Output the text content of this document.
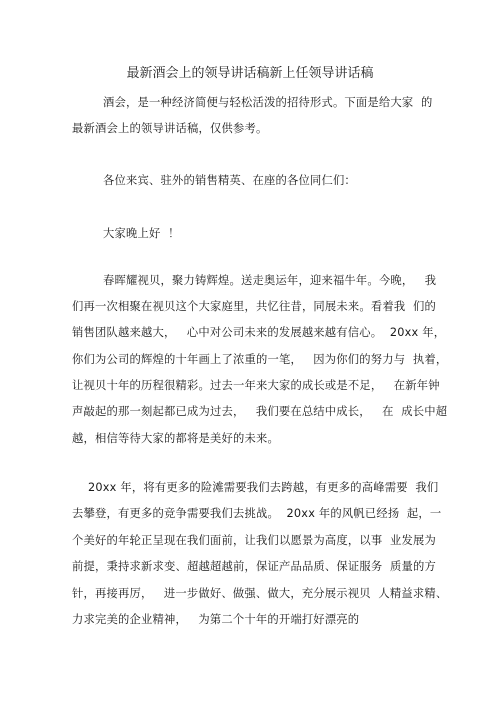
最新酒会上的领导讲话稿新上任领导讲话稿
酒会，是一种经济简便与轻松活泼的招待形式。下面是给大家  的
最新酒会上的领导讲话稿，仅供参考。
各位来宾、驻外的销售精英、在座的各位同仁们：
大家晚上好  ！
春晖耀视贝，聚力铸辉煌。送走奥运年，迎来福牛年。今晚，   我
们再一次相聚在视贝这个大家庭里，共忆往昔，同展未来。看着我  们的
销售团队越来越大，   心中对公司未来的发展越来越有信心。  20xx 年，
你们为公司的辉煌的十年画上了浓重的一笔，   因为你们的努力与  执着，
让视贝十年的历程很精彩。过去一年来大家的成长或是不足，   在新年钟
声敲起的那一刻起都已成为过去，   我们要在总结中成长，   在  成长中超
越，相信等待大家的都将是美好的未来。
20xx 年，将有更多的险滩需要我们去跨越，有更多的高峰需要  我们
去攀登，有更多的竞争需要我们去挑战。  20xx 年的风帆已经扬  起，一
个美好的年轮正呈现在我们面前，让我们以愿景为高度，以事  业发展为
前提，秉持求新求变、超越超越前，保证产品品质、保证服务  质量的方
针，再接再厉，   进一步做好、做强、做大，充分展示视贝  人精益求精、
力求完美的企业精神，   为第二个十年的开端打好漂亮的
